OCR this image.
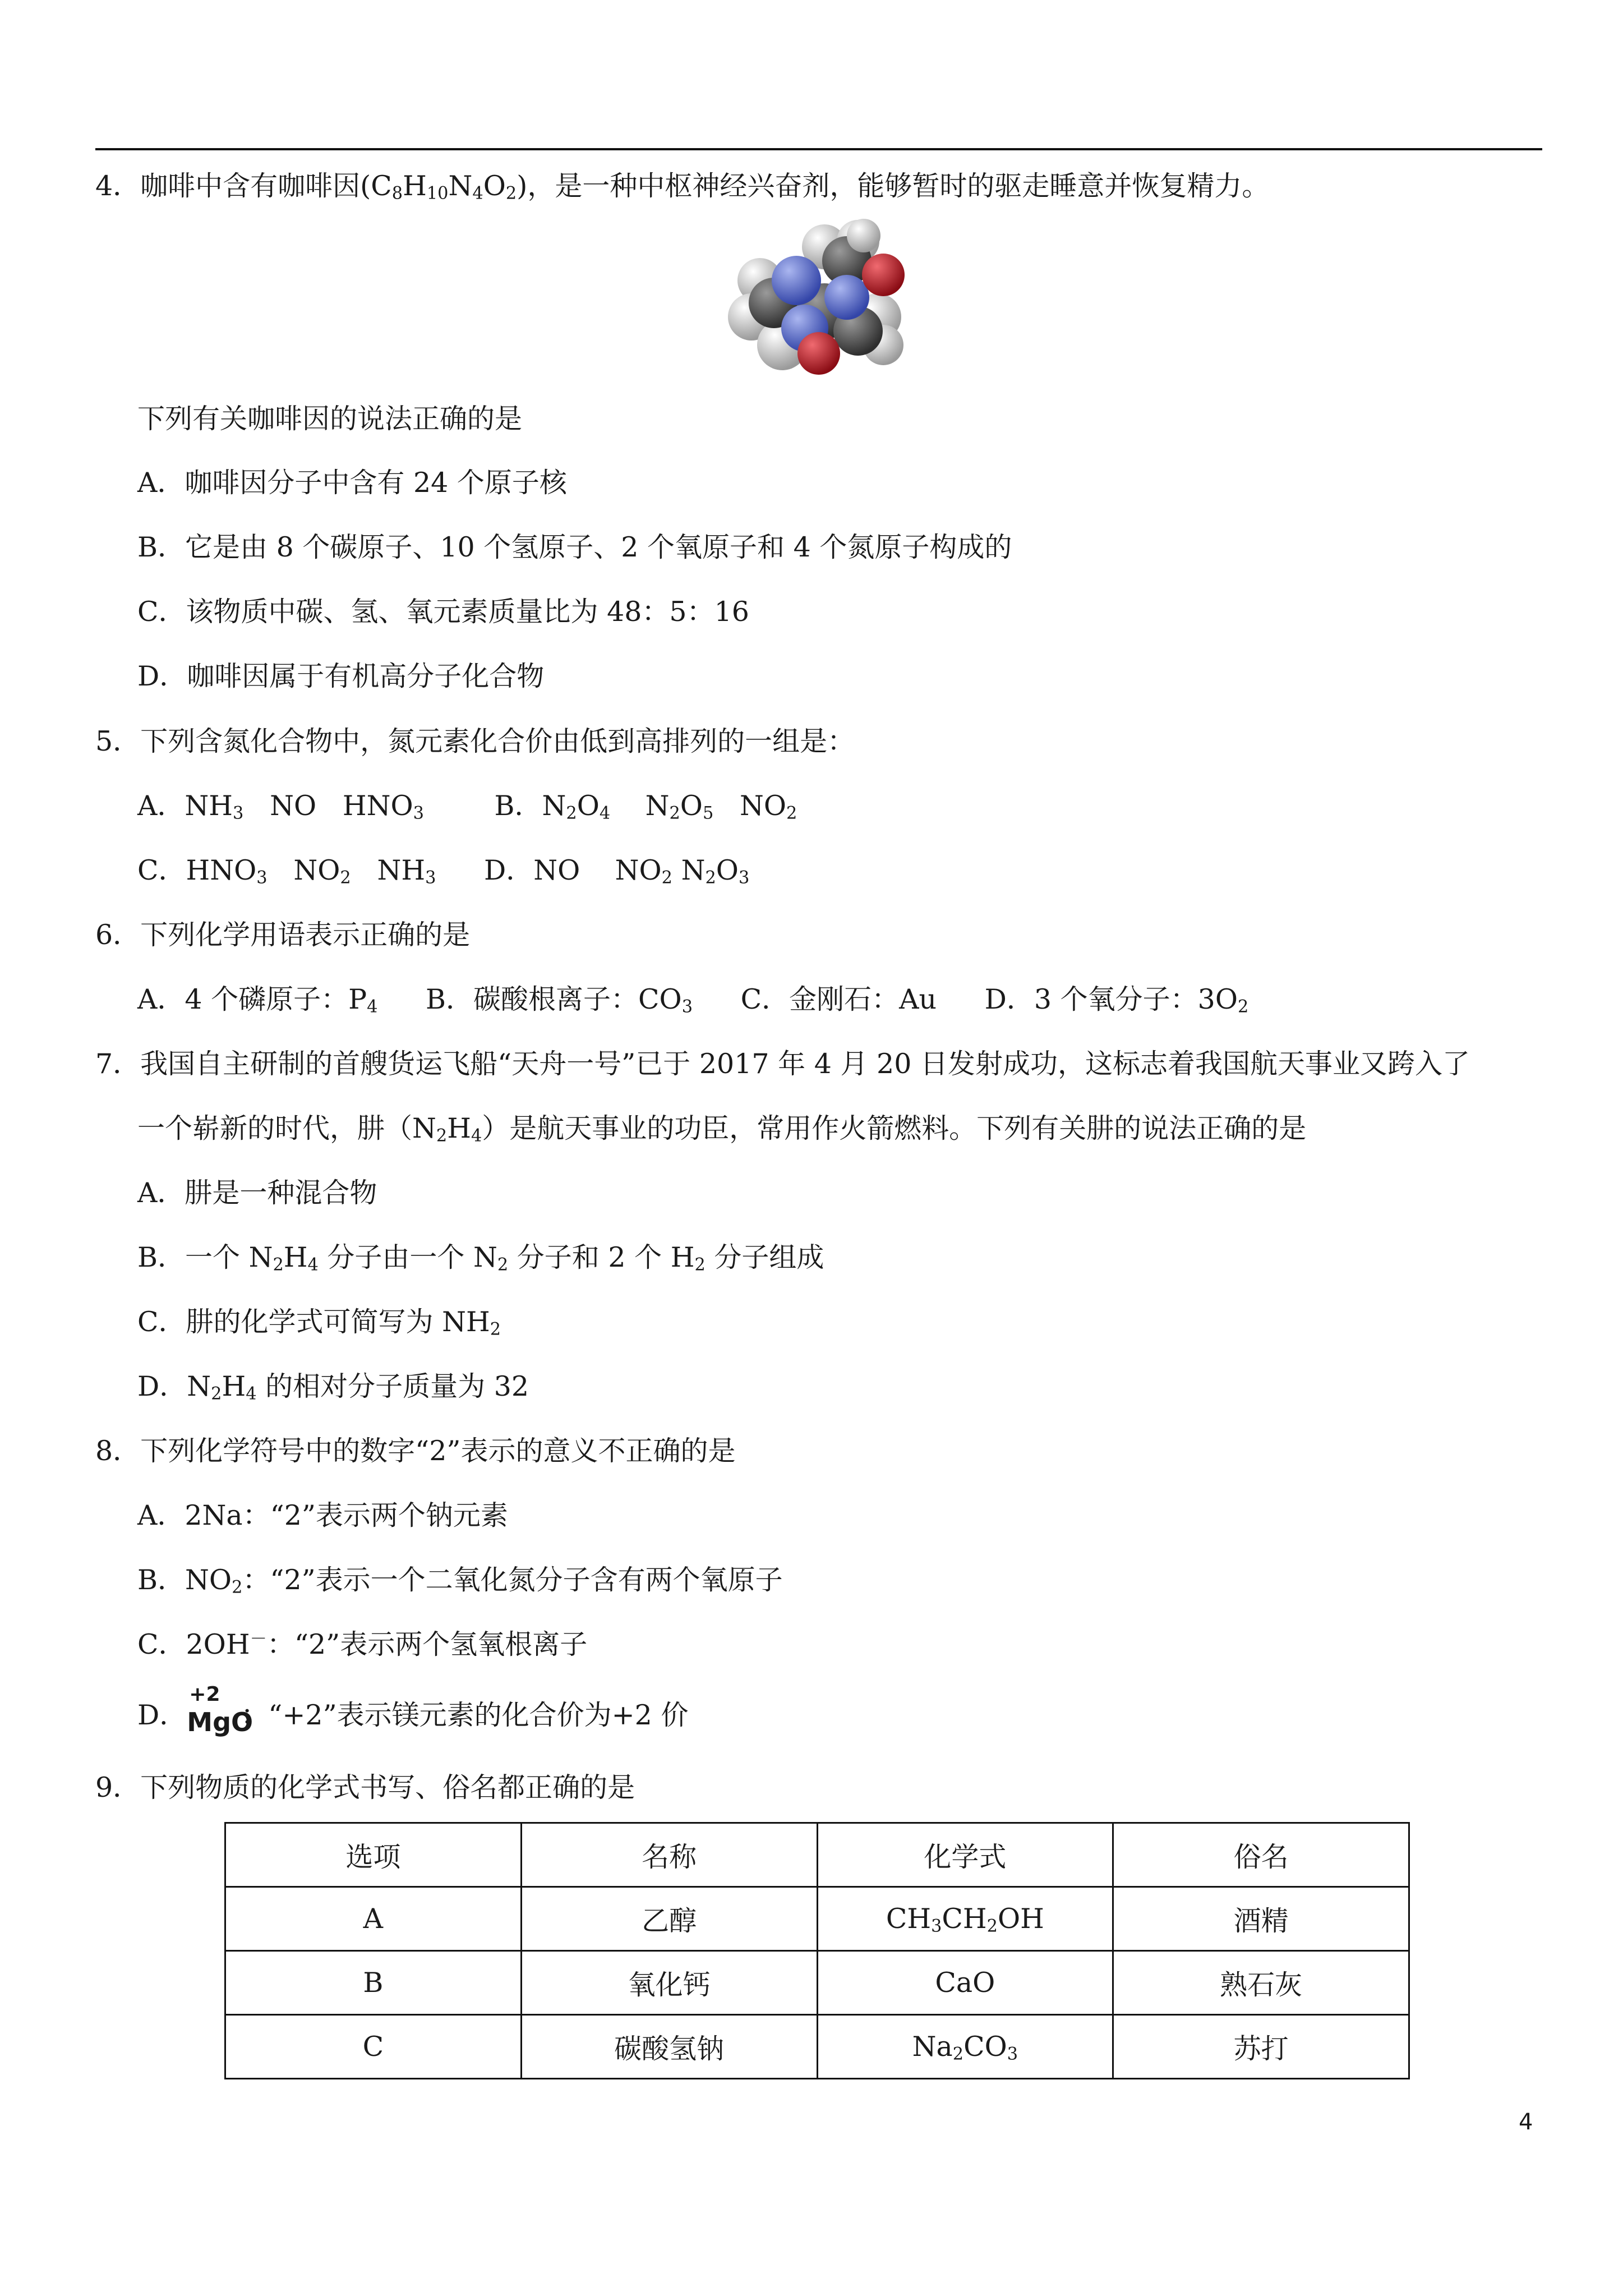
4．咖啡中含有咖啡因$(C_8H_{10}N_4O_2)$，是一种中枢神经兴奋剂，能够暂时的驱走睡意并恢复精力。
下列有关咖啡因的说法正确的是
A．咖啡因分子中含有 24 个原子核
B．它是由 8 个碳原子、10 个氢原子、2 个氧原子和 4 个氮原子构成的
C．该物质中碳、氢、氧元素质量比为 48：5：16
D．咖啡因属于有机高分子化合物
5．下列含氮化合物中，氮元素化合价由低到高排列的一组是：
A．$NH_3$ NO $HNO_3$	B．$N_2O_4$ $N_2O_5$ $NO_2$
C．$HNO_3$ $NO_2$ $NH_3$ D．NO $NO_2$ $N_2O_3$
6．下列化学用语表示正确的是
A．4 个磷原子：$P_4$ B．碳酸根离子：$CO_3$ C．金刚石：Au D．3 个氧分子：$3O_2$
7．我国自主研制的首艘货运飞船“天舟一号”已于 2017 年 4 月 20 日发射成功，这标志着我国航天事业又跨入了
一个崭新的时代，肼$(N_2H_4)$是航天事业的功臣，常用作火箭燃料。下列有关肼的说法正确的是
A．肼是一种混合物
B．一个 $N_2H_4$ 分子由一个 $N_2$ 分子和 2 个 $H_2$ 分子组成
C．肼的化学式可简写为 $NH_2$
D．$N_2H_4$ 的相对分子质量为 32
8．下列化学符号中的数字“2”表示的意义不正确的是
A．2Na：“2”表示两个钠元素
B．$NO_2$：“2”表示一个二氧化氮分子含有两个氧原子
C．2OH－：“2”表示两个氢氧根离子
D．
+2
MgO
：“+2”表示镁元素的化合价为+2 价
9．下列物质的化学式书写、俗名都正确的是
选项	名称	化学式	俗名
A	乙醇	$CH_3CH_2OH$	酒精
B	氧化钙	CaO	熟石灰
C	碳酸氢钠	$Na_2CO_3$	苏打
4
